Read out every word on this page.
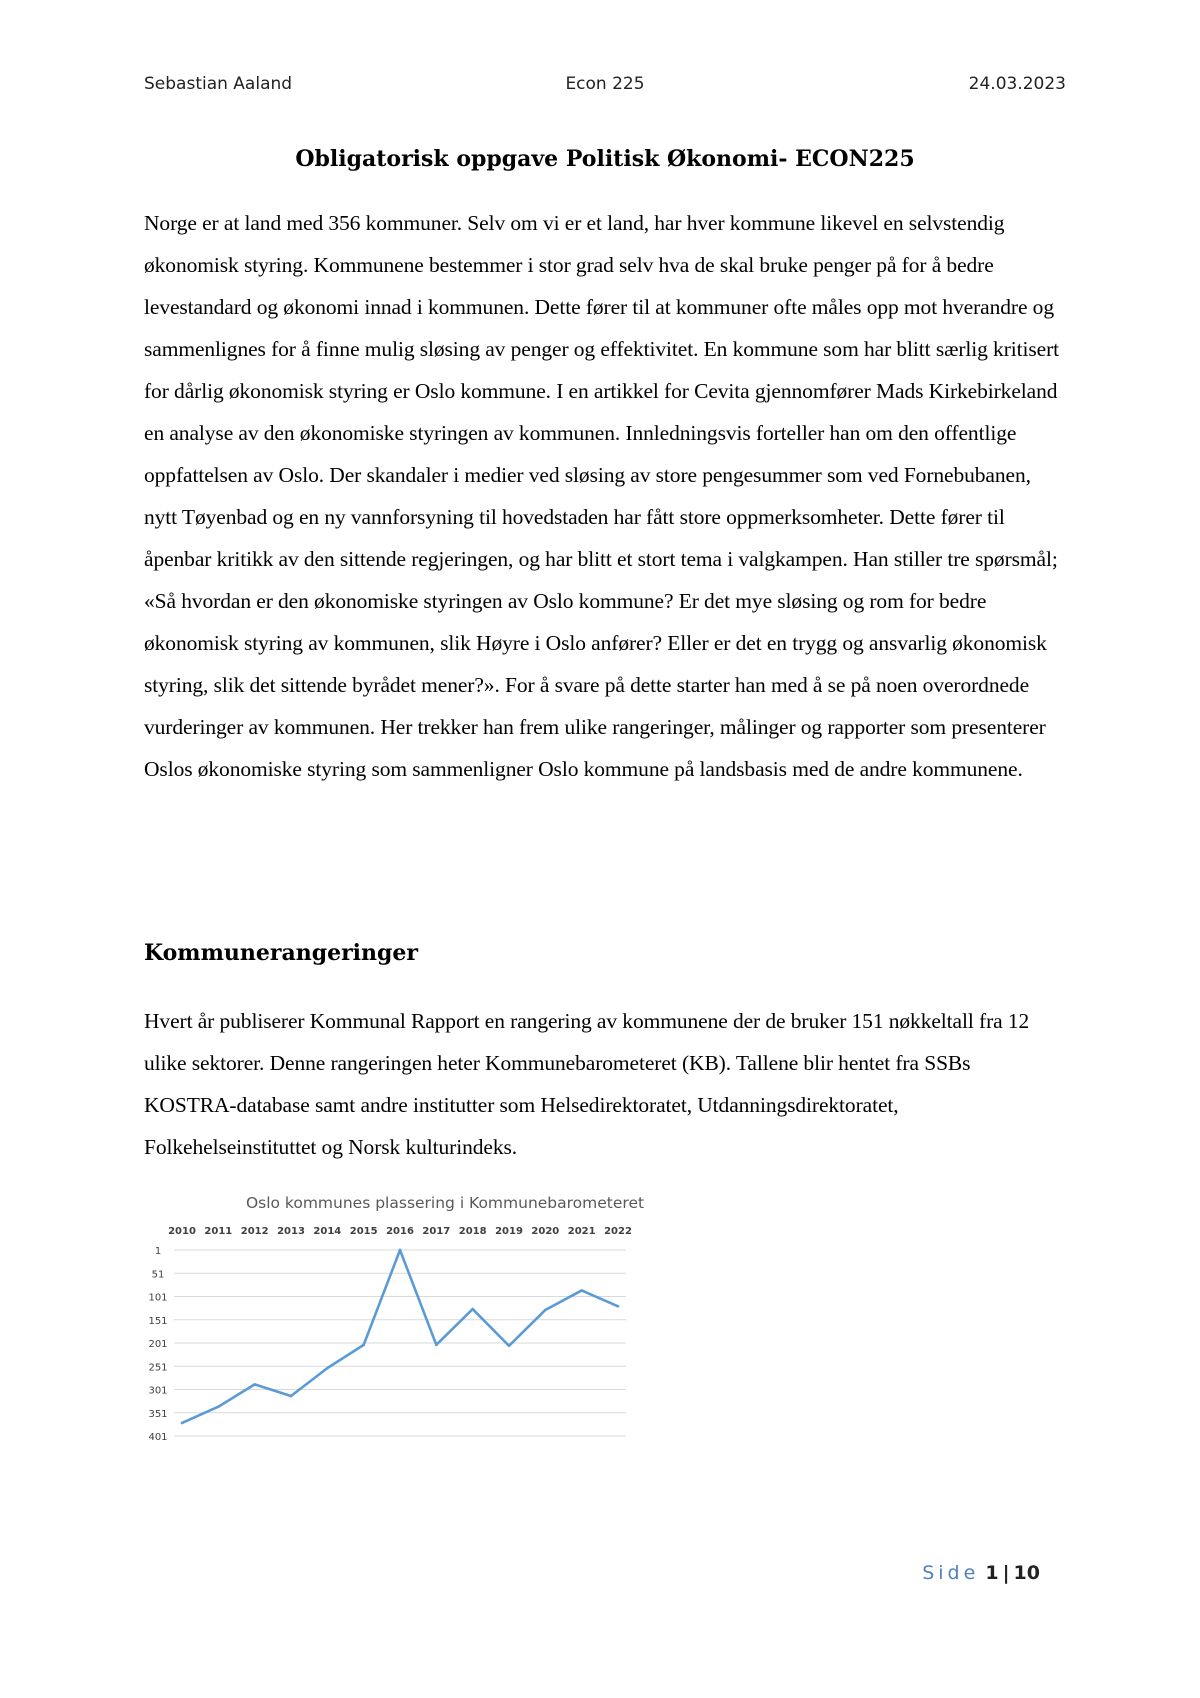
Sebastian Aaland	Econ 225	24.03.2023
Obligatorisk oppgave Politisk Økonomi- ECON225

Norge er at land med 356 kommuner. Selv om vi er et land, har hver kommune likevel en selvstendig økonomisk styring. Kommunene bestemmer i stor grad selv hva de skal bruke penger på for å bedre levestandard og økonomi innad i kommunen. Dette fører til at kommuner ofte måles opp mot hverandre og sammenlignes for å finne mulig sløsing av penger og effektivitet. En kommune som har blitt særlig kritisert for dårlig økonomisk styring er Oslo kommune. I en artikkel for Cevita gjennomfører Mads Kirkebirkeland en analyse av den økonomiske styringen av kommunen. Innledningsvis forteller han om den offentlige oppfattelsen av Oslo. Der skandaler i medier ved sløsing av store pengesummer som ved Fornebubanen, nytt Tøyenbad og en ny vannforsyning til hovedstaden har fått store oppmerksomheter. Dette fører til åpenbar kritikk av den sittende regjeringen, og har blitt et stort tema i valgkampen. Han stiller tre spørsmål; «Så hvordan er den økonomiske styringen av Oslo kommune? Er det mye sløsing og rom for bedre økonomisk styring av kommunen, slik Høyre i Oslo anfører? Eller er det en trygg og ansvarlig økonomisk styring, slik det sittende byrådet mener?». For å svare på dette starter han med å se på noen overordnede vurderinger av kommunen. Her trekker han frem ulike rangeringer, målinger og rapporter som presenterer Oslos økonomiske styring som sammenligner Oslo kommune på landsbasis med de andre kommunene.

Kommunerangeringer

Hvert år publiserer Kommunal Rapport en rangering av kommunene der de bruker 151 nøkkeltall fra 12 ulike sektorer. Denne rangeringen heter Kommunebarometeret (KB). Tallene blir hentet fra SSBs KOSTRA-database samt andre institutter som Helsedirektoratet, Utdanningsdirektoratet, Folkehelseinstituttet og Norsk kulturindeks.

Oslo kommunes plassering i Kommunebarometeret
1
51
101
151
201
251
301
351
401
2010 2011 2012 2013 2014 2015 2016 2017 2018 2019 2020 2021 2022
Side 1 | 10
